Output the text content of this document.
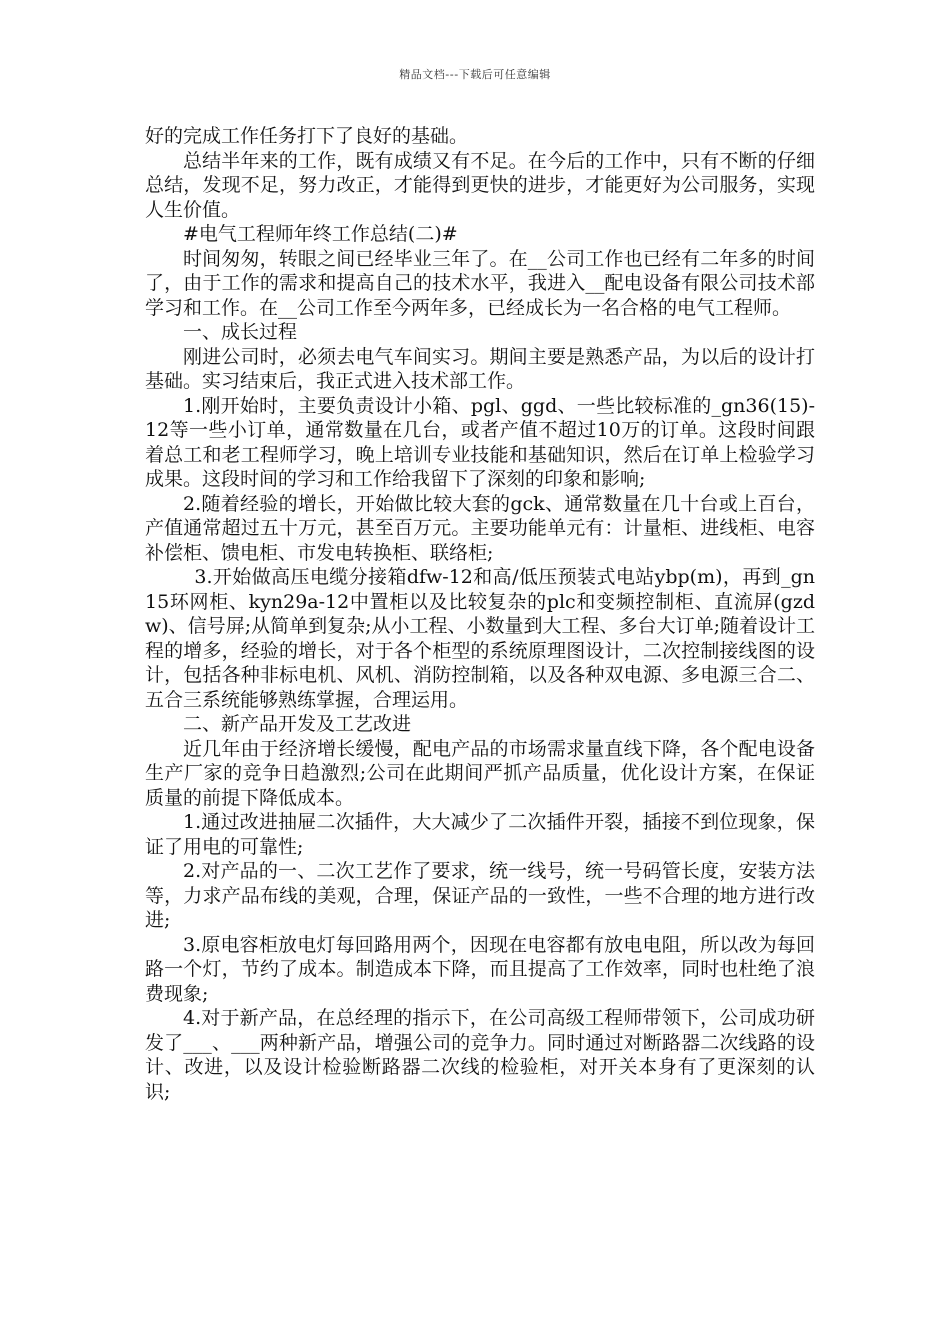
精品文档---下载后可任意编辑

好的完成工作任务打下了良好的基础。

总结半年来的工作，既有成绩又有不足。在今后的工作中，只有不断的仔细总结，发现不足，努力改正，才能得到更快的进步，才能更好为公司服务，实现人生价值。

#电气工程师年终工作总结(二)#

时间匆匆，转眼之间已经毕业三年了。在__公司工作也已经有二年多的时间了，由于工作的需求和提高自己的技术水平，我进入__配电设备有限公司技术部学习和工作。在__公司工作至今两年多，已经成长为一名合格的电气工程师。

一、成长过程

刚进公司时，必须去电气车间实习。期间主要是熟悉产品，为以后的设计打基础。实习结束后，我正式进入技术部工作。

1.刚开始时，主要负责设计小箱、pgl、ggd、一些比较标准的_gn36(15)-12等一些小订单，通常数量在几台，或者产值不超过10万的订单。这段时间跟着总工和老工程师学习，晚上培训专业技能和基础知识，然后在订单上检验学习成果。这段时间的学习和工作给我留下了深刻的印象和影响;

2.随着经验的增长，开始做比较大套的gck、通常数量在几十台或上百台，产值通常超过五十万元，甚至百万元。主要功能单元有：计量柜、进线柜、电容补偿柜、馈电柜、市发电转换柜、联络柜;

3.开始做高压电缆分接箱dfw-12和高/低压预装式电站ybp(m)，再到_gn15环网柜、kyn29a-12中置柜以及比较复杂的plc和变频控制柜、直流屏(gzdw)、信号屏;从简单到复杂;从小工程、小数量到大工程、多台大订单;随着设计工程的增多，经验的增长，对于各个柜型的系统原理图设计，二次控制接线图的设计，包括各种非标电机、风机、消防控制箱，以及各种双电源、多电源三合二、五合三系统能够熟练掌握，合理运用。

二、新产品开发及工艺改进

近几年由于经济增长缓慢，配电产品的市场需求量直线下降，各个配电设备生产厂家的竞争日趋激烈;公司在此期间严抓产品质量，优化设计方案，在保证质量的前提下降低成本。

1.通过改进抽屉二次插件，大大减少了二次插件开裂，插接不到位现象，保证了用电的可靠性;

2.对产品的一、二次工艺作了要求，统一线号，统一号码管长度，安装方法等，力求产品布线的美观，合理，保证产品的一致性，一些不合理的地方进行改进;

3.原电容柜放电灯每回路用两个，因现在电容都有放电电阻，所以改为每回路一个灯，节约了成本。制造成本下降，而且提高了工作效率，同时也杜绝了浪费现象;

4.对于新产品，在总经理的指示下，在公司高级工程师带领下，公司成功研发了___、___两种新产品，增强公司的竞争力。同时通过对断路器二次线路的设计、改进，以及设计检验断路器二次线的检验柜，对开关本身有了更深刻的认识;
